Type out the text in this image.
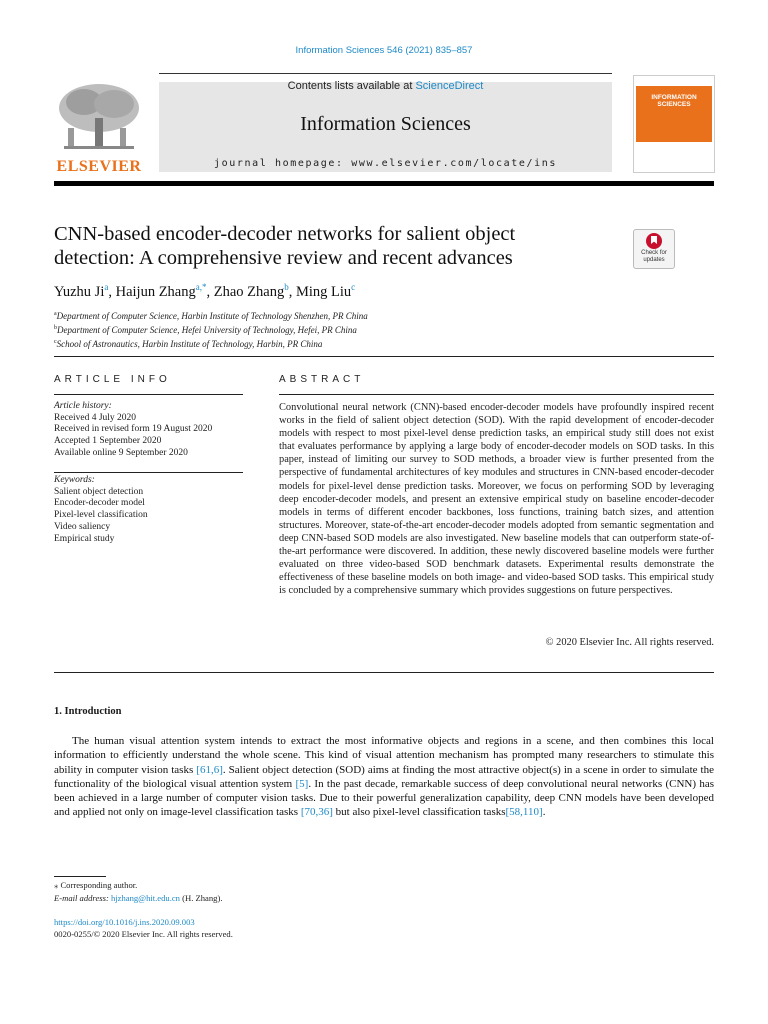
Information Sciences 546 (2021) 835–857
ELSEVIER
Contents lists available at ScienceDirect
Information Sciences
journal homepage: www.elsevier.com/locate/ins
INFORMATION SCIENCES
CNN-based encoder-decoder networks for salient object detection: A comprehensive review and recent advances	Check for updates
Yuzhu Ji$^a$, Haijun Zhang$^{a,*}$, Zhao Zhang$^b$, Ming Liu$^c$
$^a$Department of Computer Science, Harbin Institute of Technology Shenzhen, PR China
$^b$Department of Computer Science, Hefei University of Technology, Hefei, PR China
$^c$School of Astronautics, Harbin Institute of Technology, Harbin, PR China
ARTICLE INFO	ABSTRACT
Article history:
Received 4 July 2020
Received in revised form 19 August 2020
Accepted 1 September 2020
Available online 9 September 2020
Keywords:
Salient object detection
Encoder-decoder model
Pixel-level classification
Video saliency
Empirical study
Convolutional neural network (CNN)-based encoder-decoder models have profoundly inspired recent works in the field of salient object detection (SOD). With the rapid development of encoder-decoder models with respect to most pixel-level dense prediction tasks, an empirical study still does not exist that evaluates performance by applying a large body of encoder-decoder models on SOD tasks. In this paper, instead of limiting our survey to SOD methods, a broader view is further presented from the perspective of fundamental architectures of key modules and structures in CNN-based encoder-decoder models for pixel-level dense prediction tasks. Moreover, we focus on performing SOD by leveraging deep encoder-decoder models, and present an extensive empirical study on baseline encoder-decoder models in terms of different encoder backbones, loss functions, training batch sizes, and attention structures. Moreover, state-of-the-art encoder-decoder models adopted from semantic segmentation and deep CNN-based SOD models are also investigated. New baseline models that can outperform state-of-the-art performance were discovered. In addition, these newly discovered baseline models were further evaluated on three video-based SOD benchmark datasets. Experimental results demonstrate the effectiveness of these baseline models on both image- and video-based SOD tasks. This empirical study is concluded by a comprehensive summary which provides suggestions on future perspectives.
© 2020 Elsevier Inc. All rights reserved.
1. Introduction
The human visual attention system intends to extract the most informative objects and regions in a scene, and then combines this local information to efficiently understand the whole scene. This kind of visual attention mechanism has prompted many researchers to stimulate this ability in computer vision tasks [61,6]. Salient object detection (SOD) aims at finding the most attractive object(s) in a scene in order to simulate the functionality of the biological visual attention system [5]. In the past decade, remarkable success of deep convolutional neural networks (CNN) has been achieved in a large number of computer vision tasks. Due to their powerful generalization capability, deep CNN models have been developed and applied not only on image-level classification tasks [70,36] but also pixel-level classification tasks[58,110].
⁎ Corresponding author.
E-mail address: hjzhang@hit.edu.cn (H. Zhang).
https://doi.org/10.1016/j.ins.2020.09.003
0020-0255/© 2020 Elsevier Inc. All rights reserved.
